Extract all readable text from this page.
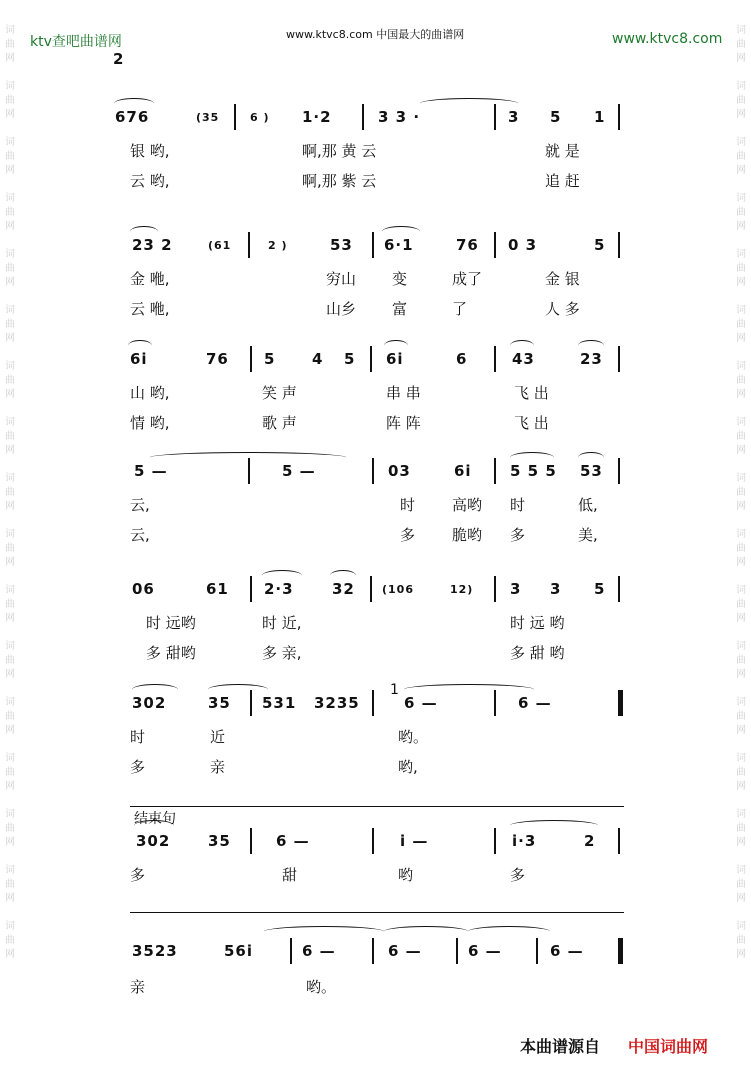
词
曲
网

词
曲
网

词
曲
网

词
曲
网

词
曲
网

词
曲
网

词
曲
网

词
曲
网

词
曲
网

词
曲
网

词
曲
网

词
曲
网

词
曲
网

词
曲
网

词
曲
网

词
曲
网

词
曲
网
词
曲
网

词
曲
网

词
曲
网

词
曲
网

词
曲
网

词
曲
网

词
曲
网

词
曲
网

词
曲
网

词
曲
网

词
曲
网

词
曲
网

词
曲
网

词
曲
网

词
曲
网

词
曲
网

词
曲
网
ktv查吧曲谱网	www.ktvc8.com 中国最大的曲谱网	www.ktvc8.com
2
676	(35	6 ) 1·2	3 3 ·	3 5 1
银 哟,	啊,那 黄 云	就 是
云 哟,	啊,那 紫 云	追 赶
23 2	(61	2 )	53 6·1	76 0 3	5
金 咃,	穷山 变	成了	金 银
云 咃,	山乡 富	了	人 多
6i	76 5 4 5 6i	6	43	23
山 哟,	笑 声	串 串	飞 出
情 哟,	歌 声	阵 阵	飞 出
5 —	5 —	03	6i	5 5 5 53
云,	时 高哟 时	低,
云,	多 脆哟 多	美,
06	61 2·3	32 (106	12) 3 3 5
时 远哟	时 近,	时 远 哟
多 甜哟	多 亲,	多 甜 哟
302	35 531 3235
1
6 —	6 —
时	近	哟。
多	亲	哟,
结束句
302	35	6 —	i —	i·3	2
多	甜	哟	多
3523	56i	6 —	6 —	6 —	6 —
亲	哟。
本曲谱源自 中国词曲网
